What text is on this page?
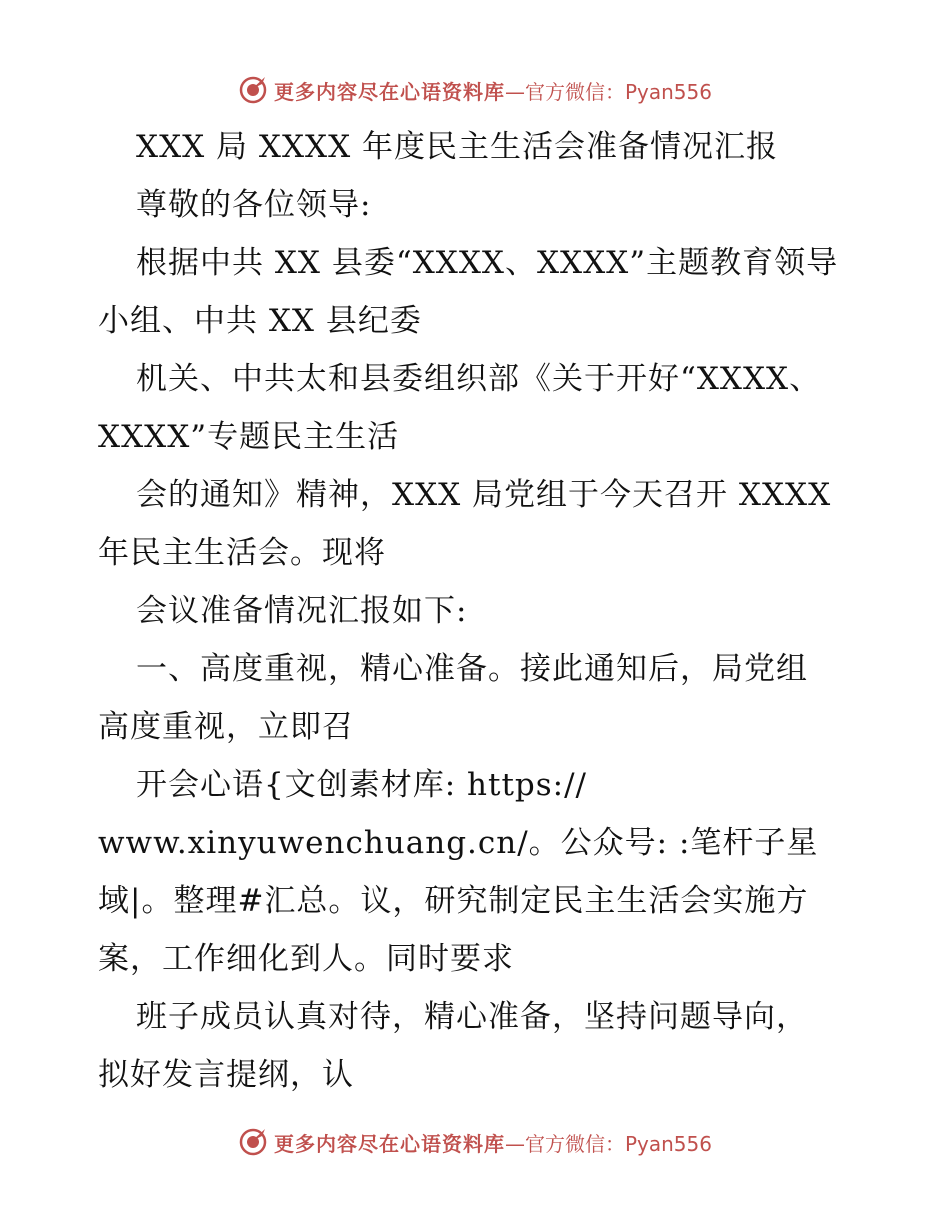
更多内容尽在心语资料库 —官方微信：Pyan556
XXX 局 XXXX 年度民主生活会准备情况汇报
尊敬的各位领导:
根据中共 XX 县委“XXXX、XXXX”主题教育领导
小组、中共 XX 县纪委
机关、中共太和县委组织部《关于开好“XXXX、
XXXX”专题民主生活
会的通知》精神，XXX 局党组于今天召开 XXXX
年民主生活会。现将
会议准备情况汇报如下:
一、高度重视，精心准备。接此通知后，局党组
高度重视，立即召
开会心语{文创素材库: https://
www.xinyuwenchuang.cn/。公众号: :笔杆子星
域|。整理#汇总。议，研究制定民主生活会实施方
案，工作细化到人。同时要求
班子成员认真对待，精心准备，坚持问题导向，
拟好发言提纲，认
更多内容尽在心语资料库 —官方微信：Pyan556
